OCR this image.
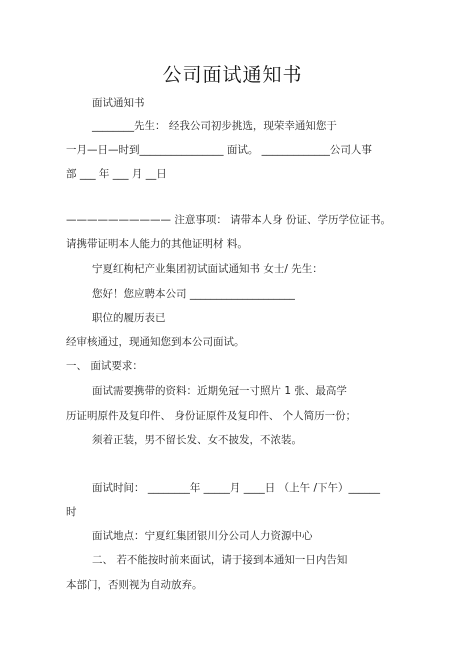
公司面试通知书
面试通知书
________先生： 经我公司初步挑选，现荣幸通知您于
一月—日—时到________________ 面试。 _____________公司人事
部 ___ 年 ___ 月 __日
—————————— 注意事项： 请带本人身 份证、学历学位证书。
请携带证明本人能力的其他证明材 料。
宁夏红枸杞产业集团初试面试通知书 女士/ 先生：
您好！您应聘本公司 ____________________
职位的履历表已
经审核通过，现通知您到本公司面试。
一、 面试要求：
面试需要携带的资料：近期免冠一寸照片 1 张、最高学
历证明原件及复印件、 身份证原件及复印件、 个人简历一份；
须着正装，男不留长发、女不披发，不浓装。
面试时间： ________年 _____月 ____日 （上午 /下午）______
时
面试地点：宁夏红集团银川分公司人力资源中心
二、 若不能按时前来面试，请于接到本通知一日内告知
本部门，否则视为自动放弃。
